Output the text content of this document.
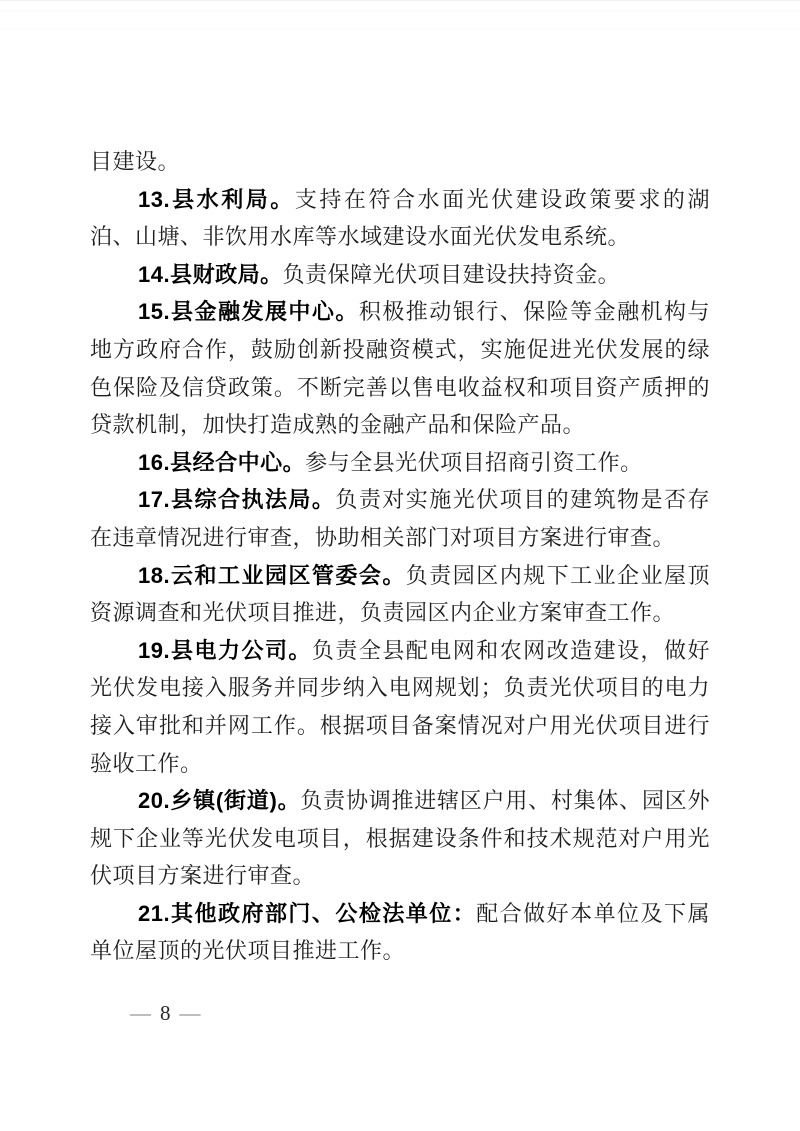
目建设。

13.县水利局。支持在符合水面光伏建设政策要求的湖泊、山塘、非饮用水库等水域建设水面光伏发电系统。

14.县财政局。负责保障光伏项目建设扶持资金。

15.县金融发展中心。积极推动银行、保险等金融机构与地方政府合作，鼓励创新投融资模式，实施促进光伏发展的绿色保险及信贷政策。不断完善以售电收益权和项目资产质押的贷款机制，加快打造成熟的金融产品和保险产品。

16.县经合中心。参与全县光伏项目招商引资工作。

17.县综合执法局。负责对实施光伏项目的建筑物是否存在违章情况进行审查，协助相关部门对项目方案进行审查。

18.云和工业园区管委会。负责园区内规下工业企业屋顶资源调查和光伏项目推进，负责园区内企业方案审查工作。

19.县电力公司。负责全县配电网和农网改造建设，做好光伏发电接入服务并同步纳入电网规划；负责光伏项目的电力接入审批和并网工作。根据项目备案情况对户用光伏项目进行验收工作。

20.乡镇(街道)。负责协调推进辖区户用、村集体、园区外规下企业等光伏发电项目，根据建设条件和技术规范对户用光伏项目方案进行审查。

21.其他政府部门、公检法单位：配合做好本单位及下属单位屋顶的光伏项目推进工作。

— 8 —
